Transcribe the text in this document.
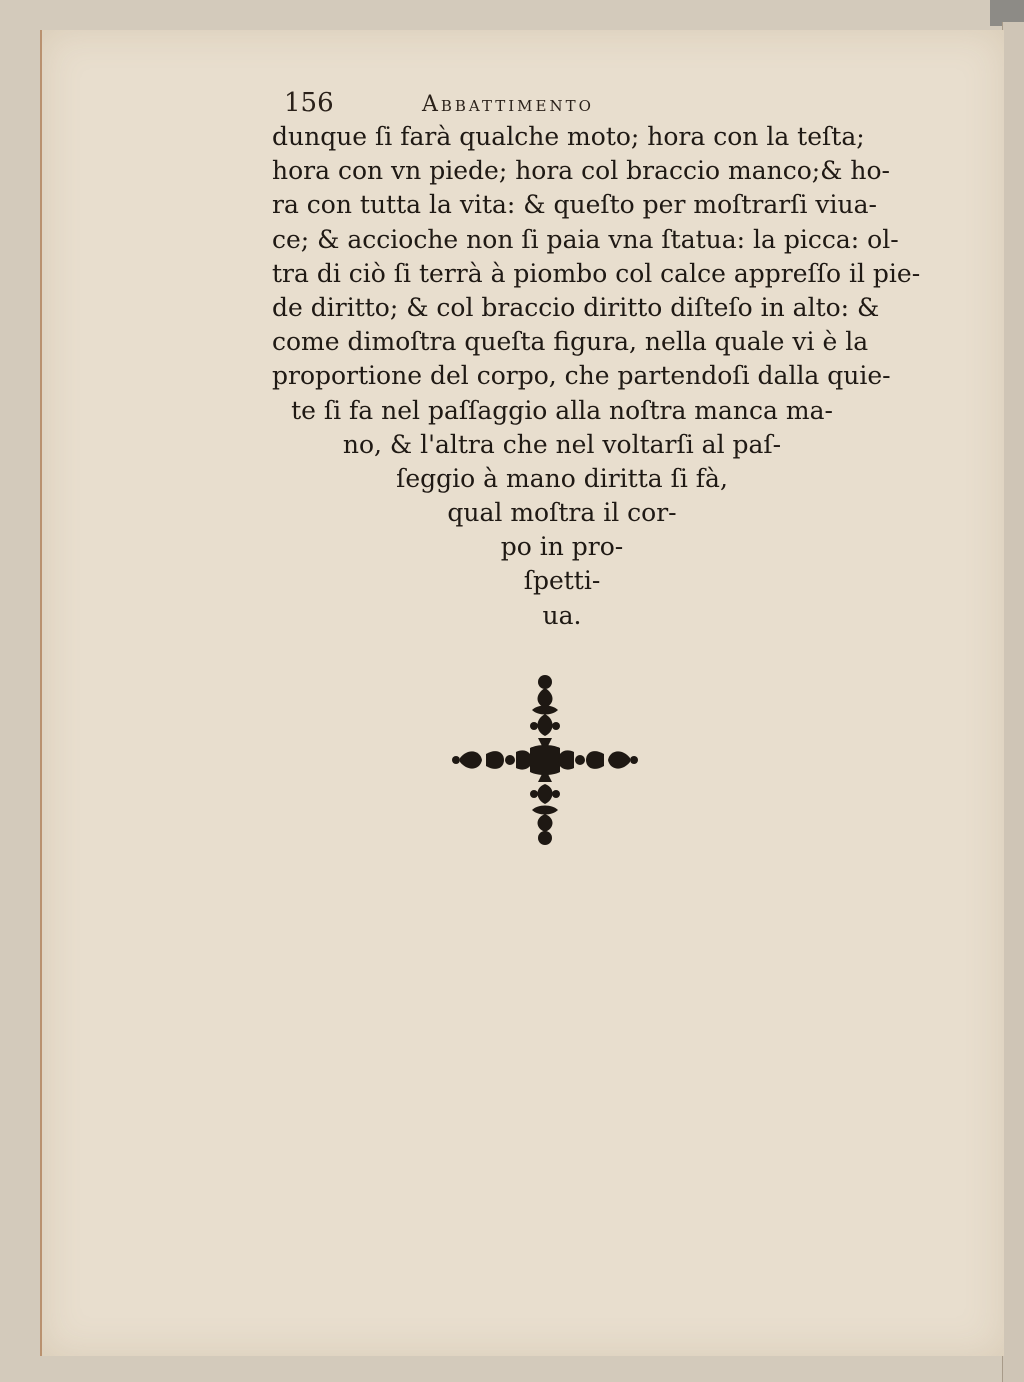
156	Abbattimento
dunque ſi farà qualche moto; hora con la teſta;
hora con vn piede; hora col braccio manco;& ho-
ra con tutta la vita: & queſto per moſtrarſi viua-
ce; & accioche non ſi paia vna ſtatua: la picca: ol-
tra di ciò ſi terrà à piombo col calce appreſſo il pie-
de diritto; & col braccio diritto diſteſo in alto: &
come dimoſtra queſta figura, nella quale vi è la
proportione del corpo, che partendoſi dalla quie-
te ſi fa nel paſſaggio alla noſtra manca ma-
no, & l'altra che nel voltarſi al paſ-
ſeggio à mano diritta ſi fà,
qual moſtra il cor-
po in pro-
ſpetti-
ua.
